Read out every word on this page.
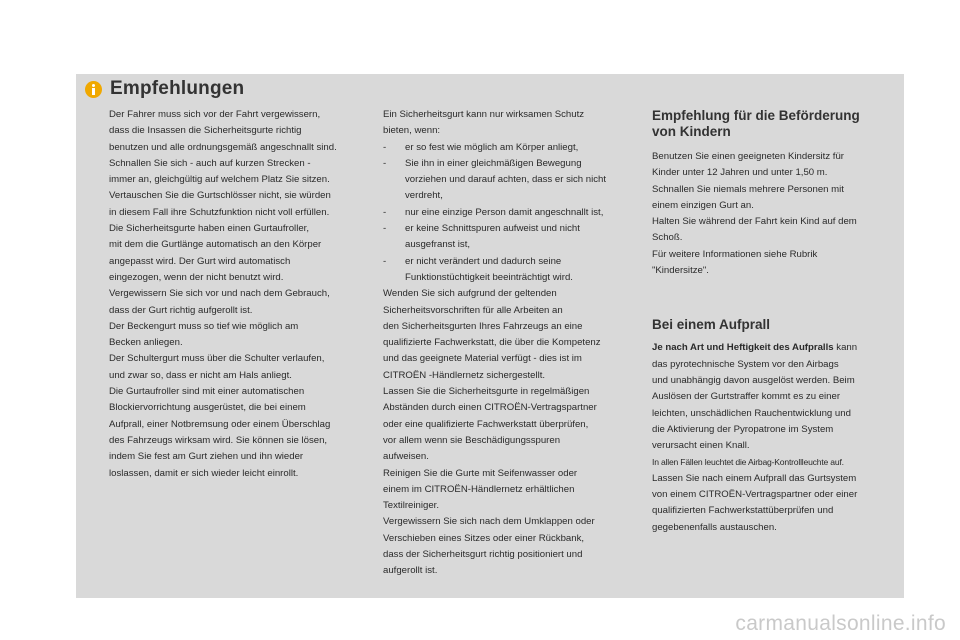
Empfehlungen
Der Fahrer muss sich vor der Fahrt vergewissern,
dass die Insassen die Sicherheitsgurte richtig
benutzen und alle ordnungsgemäß angeschnallt sind.
Schnallen Sie sich - auch auf kurzen Strecken -
immer an, gleichgültig auf welchem Platz Sie sitzen.
Vertauschen Sie die Gurtschlösser nicht, sie würden
in diesem Fall ihre Schutzfunktion nicht voll erfüllen.
Die Sicherheitsgurte haben einen Gurtaufroller,
mit dem die Gurtlänge automatisch an den Körper
angepasst wird. Der Gurt wird automatisch
eingezogen, wenn der nicht benutzt wird.
Vergewissern Sie sich vor und nach dem Gebrauch,
dass der Gurt richtig aufgerollt ist.
Der Beckengurt muss so tief wie möglich am
Becken anliegen.
Der Schultergurt muss über die Schulter verlaufen,
und zwar so, dass er nicht am Hals anliegt.
Die Gurtaufroller sind mit einer automatischen
Blockiervorrichtung ausgerüstet, die bei einem
Aufprall, einer Notbremsung oder einem Überschlag
des Fahrzeugs wirksam wird. Sie können sie lösen,
indem Sie fest am Gurt ziehen und ihn wieder
loslassen, damit er sich wieder leicht einrollt.
Ein Sicherheitsgurt kann nur wirksamen Schutz
bieten, wenn:
- er so fest wie möglich am Körper anliegt,
- Sie ihn in einer gleichmäßigen Bewegung
vorziehen und darauf achten, dass er sich nicht
verdreht,
- nur eine einzige Person damit angeschnallt ist,
- er keine Schnittspuren aufweist und nicht
ausgefranst ist,
- er nicht verändert und dadurch seine
Funktionstüchtigkeit beeinträchtigt wird.
Wenden Sie sich aufgrund der geltenden
Sicherheitsvorschriften für alle Arbeiten an
den Sicherheitsgurten Ihres Fahrzeugs an eine
qualifizierte Fachwerkstatt, die über die Kompetenz
und das geeignete Material verfügt - dies ist im
CITROËN -Händlernetz sichergestellt.
Lassen Sie die Sicherheitsgurte in regelmäßigen
Abständen durch einen CITROËN-Vertragspartner
oder eine qualifizierte Fachwerkstatt überprüfen,
vor allem wenn sie Beschädigungsspuren
aufweisen.
Reinigen Sie die Gurte mit Seifenwasser oder
einem im CITROËN-Händlernetz erhältlichen
Textilreiniger.
Vergewissern Sie sich nach dem Umklappen oder
Verschieben eines Sitzes oder einer Rückbank,
dass der Sicherheitsgurt richtig positioniert und
aufgerollt ist.
Empfehlung für die Beförderung
von Kindern
Benutzen Sie einen geeigneten Kindersitz für
Kinder unter 12 Jahren und unter 1,50 m.
Schnallen Sie niemals mehrere Personen mit
einem einzigen Gurt an.
Halten Sie während der Fahrt kein Kind auf dem
Schoß.
Für weitere Informationen siehe Rubrik
"Kindersitze".
Bei einem Aufprall
Je nach Art und Heftigkeit des Aufpralls kann
das pyrotechnische System vor den Airbags
und unabhängig davon ausgelöst werden. Beim
Auslösen der Gurtstraffer kommt es zu einer
leichten, unschädlichen Rauchentwicklung und
die Aktivierung der Pyropatrone im System
verursacht einen Knall.
In allen Fällen leuchtet die Airbag-Kontrollleuchte auf.
Lassen Sie nach einem Aufprall das Gurtsystem
von einem CITROËN-Vertragspartner oder einer
qualifizierten Fachwerkstattüberprüfen und
gegebenenfalls austauschen.
carmanualsonline.info
